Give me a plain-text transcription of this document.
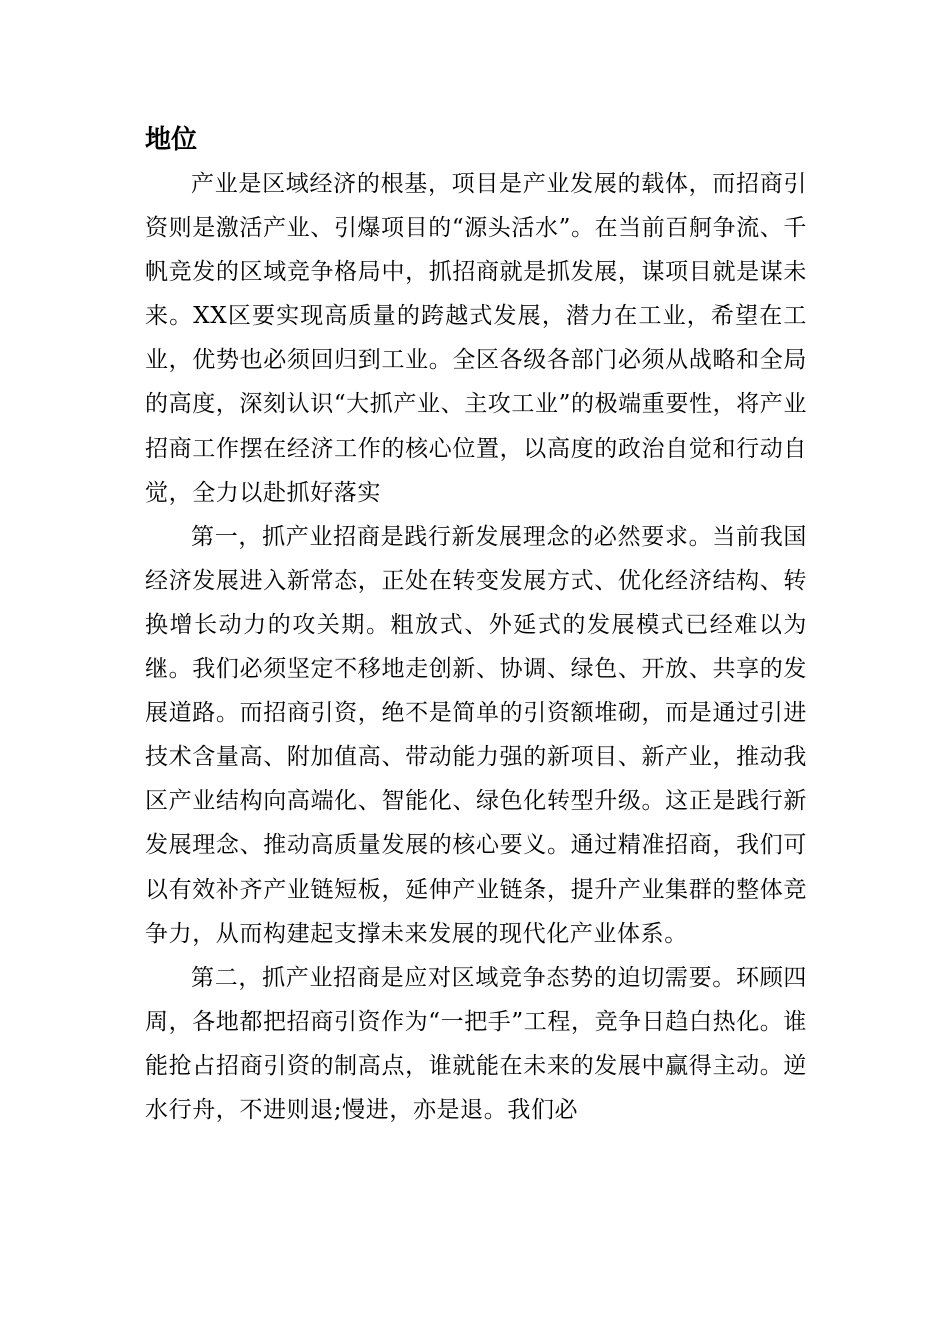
地位

产业是区域经济的根基，项目是产业发展的载体，而招商引资则是激活产业、引爆项目的“源头活水”。在当前百舸争流、千帆竞发的区域竞争格局中，抓招商就是抓发展，谋项目就是谋未来。XX区要实现高质量的跨越式发展，潜力在工业，希望在工业，优势也必须回归到工业。全区各级各部门必须从战略和全局的高度，深刻认识“大抓产业、主攻工业”的极端重要性，将产业招商工作摆在经济工作的核心位置，以高度的政治自觉和行动自觉，全力以赴抓好落实

第一，抓产业招商是践行新发展理念的必然要求。当前我国经济发展进入新常态，正处在转变发展方式、优化经济结构、转换增长动力的攻关期。粗放式、外延式的发展模式已经难以为继。我们必须坚定不移地走创新、协调、绿色、开放、共享的发展道路。而招商引资，绝不是简单的引资额堆砌，而是通过引进技术含量高、附加值高、带动能力强的新项目、新产业，推动我区产业结构向高端化、智能化、绿色化转型升级。这正是践行新发展理念、推动高质量发展的核心要义。通过精准招商，我们可以有效补齐产业链短板，延伸产业链条，提升产业集群的整体竞争力，从而构建起支撑未来发展的现代化产业体系。

第二，抓产业招商是应对区域竞争态势的迫切需要。环顾四周，各地都把招商引资作为“一把手”工程，竞争日趋白热化。谁能抢占招商引资的制高点，谁就能在未来的发展中赢得主动。逆水行舟，不进则退;慢进，亦是退。我们必
